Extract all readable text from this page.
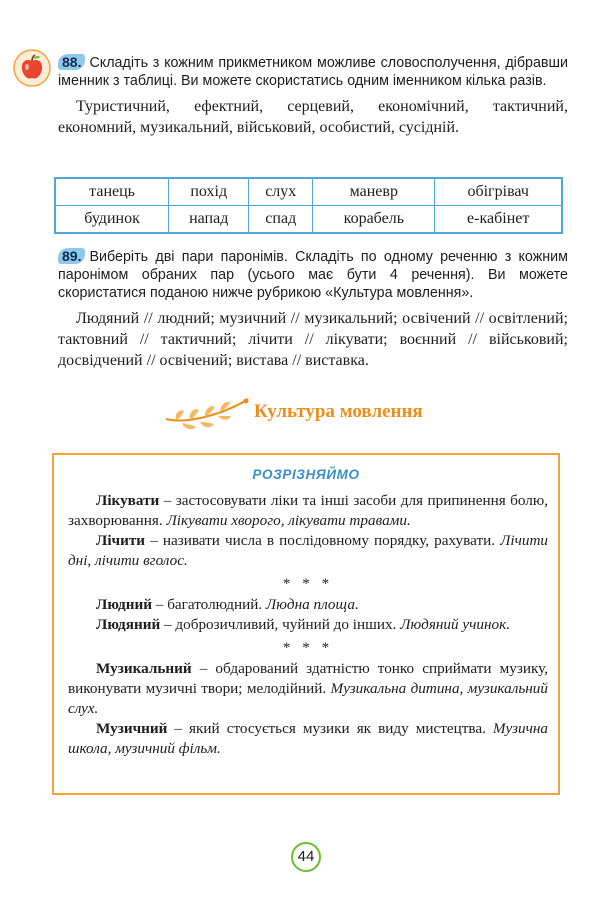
88. Складіть з кожним прикметником можливе словосполучення, дібравши іменник з таблиці. Ви можете скористатись одним іменником кілька разів.
Туристичний, ефектний, серцевий, економічний, тактичний, економний, музикальний, військовий, особистий, сусідній.
танець	похід	слух	маневр	обігрівач
будинок	напад	спад	корабель	е-кабінет
89. Виберіть дві пари паронімів. Складіть по одному реченню з кожним паронімом обраних пар (усього має бути 4 речення). Ви можете скористатися поданою нижче рубрикою «Культура мовлення».
Людяний // людний; музичний // музикальний; освічений // освітлений; тактовний // тактичний; лічити // лікувати; воєнний // військовий; досвідчений // освічений; вистава // виставка.
Культура мовлення
РОЗРІЗНЯЙМО

Лікувати – застосовувати ліки та інші засоби для припинення болю, захворювання. Лікувати хворого, лікувати травами.

Лічити – називати числа в послідовному порядку, рахувати. Лічити дні, лічити вголос.

* * *

Людний – багатолюдний. Людна площа.

Людяний – доброзичливий, чуйний до інших. Людяний учинок.

* * *

Музикальний – обдарований здатністю тонко сприймати музику, виконувати музичні твори; мелодійний. Музикальна дитина, музикальний слух.

Музичний – який стосується музики як виду мистецтва. Музична школа, музичний фільм.

44
